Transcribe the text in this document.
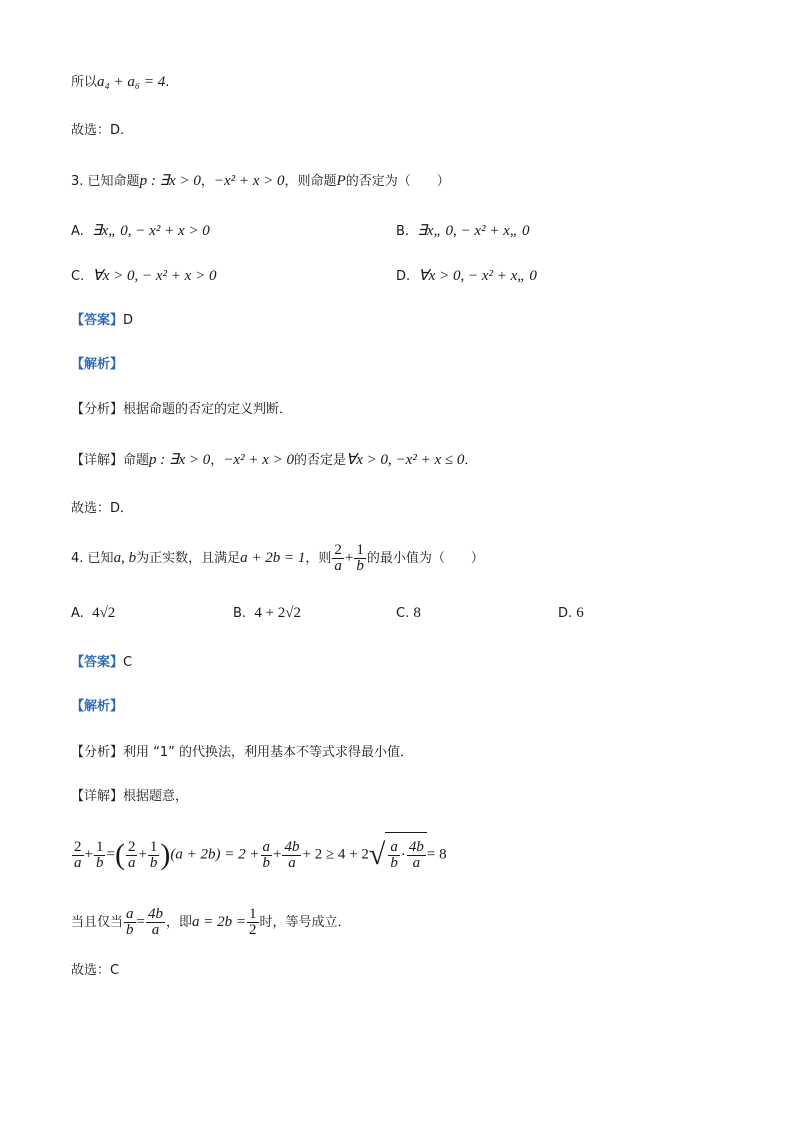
所以a₄ + a₆ = 4.
故选：D.
3. 已知命题p : ∃x > 0，−x² + x > 0，则命题P的否定为（　　）
A. ∃x„ 0, − x² + x > 0	B. ∃x„ 0, − x² + x„ 0
C. ∀x > 0, − x² + x > 0	D. ∀x > 0, − x² + x„ 0
【答案】D
【解析】
【分析】根据命题的否定的定义判断．
【详解】命题p : ∃x > 0，−x² + x > 0的否定是∀x > 0, −x² + x ≤ 0．
故选：D．
4. 已知a, b为正实数，且满足a + 2b = 1，则 $\frac{2}{a} + \frac{1}{b}$ 的最小值为（　　）
A. 4√2	B. 4 + 2√2	C. 8	D. 6
【答案】C
【解析】
【分析】利用 “1” 的代换法，利用基本不等式求得最小值．
【详解】根据题意，
$\frac{2}{a} + \frac{1}{b}$ =( $\frac{2}{a} + \frac{1}{b} )(a + 2b) = 2 + \frac{a}{b} + \frac{4b}{a} + 2 \ge 4 + 2√ \frac{a}{b} \cdot \frac{4b}{a} = 8$
当且仅当 $\frac{a}{b} = \frac{4b}{a}$ ，即$a = 2b = \frac{1}{2}$ 时，等号成立．
故选：C
